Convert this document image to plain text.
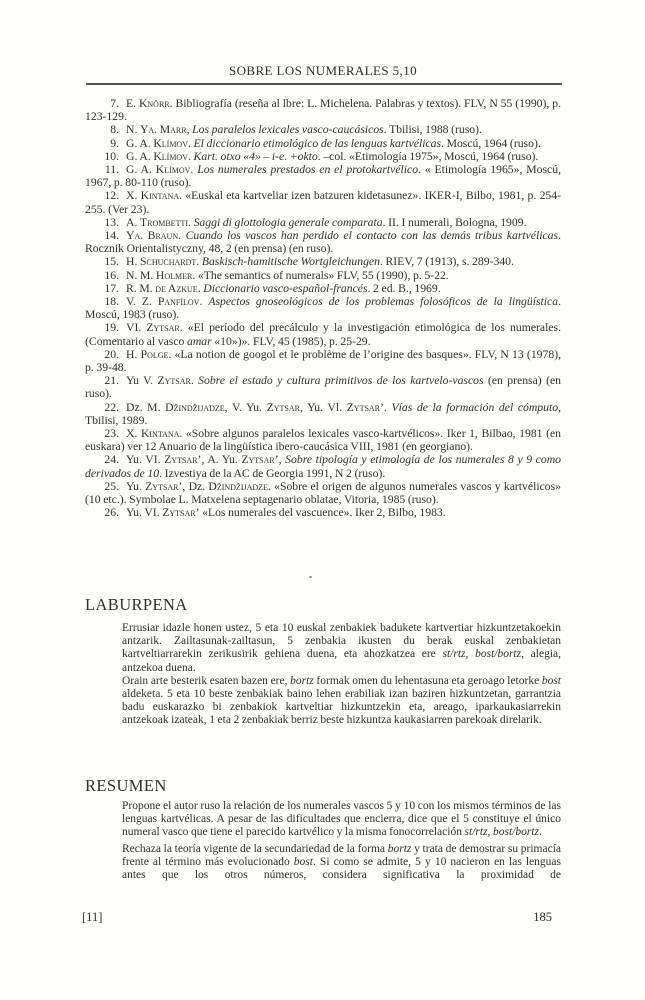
SOBRE LOS NUMERALES 5,10

7. E. Knörr. Bibliografía (reseña al lbre: L. Michelena. Palabras y textos). FLV, N 55 (1990), p. 123-129.

8. N. Ya. Marr, Los paralelos lexicales vasco-caucásicos. Tbilisi, 1988 (ruso).

9. G. A. Klímov. El diccionario etimológico de las lenguas kartvélicas. Moscú, 1964 (ruso).

10. G. A. Klímov. Kart. otxo «4» – i-e. +okto. –col. «Etimología 1975», Moscú, 1964 (ruso).

11. G. A. Klímov. Los numerales prestados en el protokartvélico. « Etimología 1965», Moscú, 1967, p. 80-110 (ruso).

12. X. Kintana. «Euskal eta kartveliar izen batzuren kidetasunez». IKER-I, Bilbo, 1981, p. 254-255. (Ver 23).

13. A. Trombetti. Saggi di glottologia generale comparata. II. I numerali, Bologna, 1909.

14. Ya. Braun. Cuando los vascos han perdido el contacto con las demás tribus kartvélicas. Rocznik Orientalistyczny, 48, 2 (en prensa) (en ruso).

15. H. Schuchardt. Baskisch-hamitische Wortgleichungen. RIEV, 7 (1913), s. 289-340.

16. N. M. Holmer. «The semantics of numerals» FLV, 55 (1990), p. 5-22.

17. R. M. de Azkue. Diccionario vasco-español-francés. 2 ed. B., 1969.

18. V. Z. Panfílov. Aspectos gnoseológicos de los problemas folosóficos de la lingüística. Moscú, 1983 (ruso).

19. VI. Zytsar. «El período del precálculo y la investigación etimológica de los numerales. (Comentario al vasco amar «10»)». FLV, 45 (1985), p. 25-29.

20. H. Polge. «La notion de googol et le problème de l’origine des basques». FLV, N 13 (1978), p. 39-48.

21. Yu V. Zytsar. Sobre el estado y cultura primitivos de los kartvelo-vascos (en prensa) (en ruso).

22. Dz. M. Džindžijadze, V. Yu. Zytsar, Yu. Vl. Zytsar’. Vías de la formación del cómputo, Tbilisi, 1989.

23. X. Kintana. «Sobre algunos paralelos lexicales vasco-kartvélicos». Iker 1, Bilbao, 1981 (en euskara) ver 12 Anuario de la lingüística ibero-caucásica VIII, 1981 (en georgiano).

24. Yu. VI. Zytsar’, A. Yu. Zytsar’, Sobre tipología y etimología de los numerales 8 y 9 como derivados de 10. Izvestiya de la AC de Georgia 1991, N 2 (ruso).

25. Yu. Zytsar’, Dz. Džindžijadze. «Sobre el origen de algunos numerales vascos y kartvélicos» (10 etc.). Symbolae L. Matxelena septagenario oblatae, Vitoria, 1985 (ruso).

26. Yu. VI. Zytsar’ «Los numerales del vascuence». Iker 2, Bilbo, 1983.

LABURPENA

Errusiar idazle honen ustez, 5 eta 10 euskal zenbakiek badukete kartvertiar hizkuntzetakoekin antzarik. Zailtasunak-zailtasun, 5 zenbakia ikusten du berak euskal zenbakietan kartveltiarrarekin zerikusirik gehiena duena, eta ahozkatzea ere st/rtz, bost/bortz, alegia, antzekoa duena.

Orain arte besterik esaten bazen ere, bortz formak omen du lehentasuna eta geroago letorke bost aldeketa. 5 eta 10 beste zenbakiak baino lehen erabiliak izan baziren hizkuntzetan, garrantzia badu euskarazko bi zenbakiok kartveltiar hizkuntzekin eta, areago, iparkaukasiarrekin antzekoak izateak, 1 eta 2 zenbakiak berriz beste hizkuntza kaukasiarren parekoak direlarik.

RESUMEN

Propone el autor ruso la relación de los numerales vascos 5 y 10 con los mismos términos de las lenguas kartvélicas. A pesar de las dificultades que encierra, dice que el 5 constituye el único numeral vasco que tiene el parecido kartvélico y la misma fonocorrelación st/rtz, bost/bortz.

Rechaza la teoría vigente de la secundariedad de la forma bortz y trata de demostrar su primacía frente al término más evolucionado bost. Si como se admite, 5 y 10 nacieron en las lenguas antes que los otros números, considera significativa la proximidad de

[11]	185
